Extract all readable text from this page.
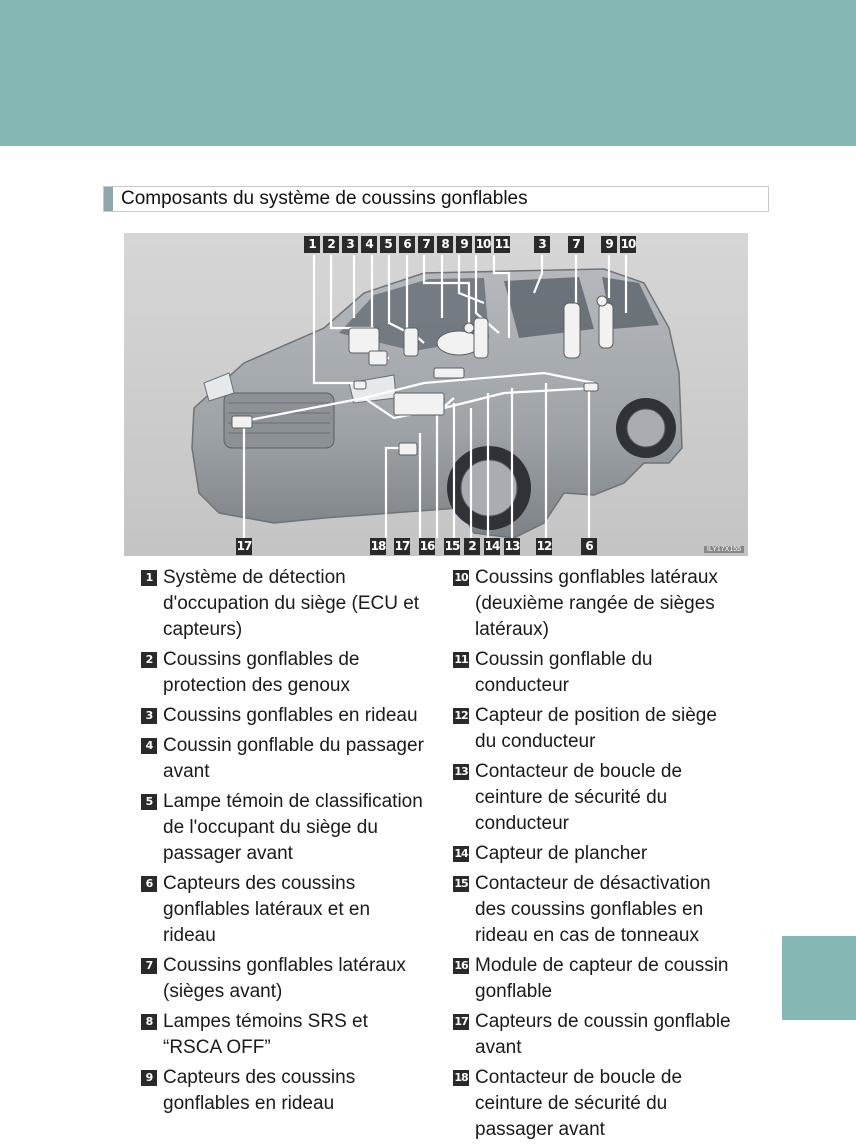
Composants du système de coussins gonflables
1 2 3 4 5 6 7 8 9 10 11	3	7	9 10
17	18 17 16 15 2 14 13 12	6	ILY17X155
1 Système de détection d'occupation du siège (ECU et capteurs)
2 Coussins gonflables de protection des genoux
3 Coussins gonflables en rideau
4 Coussin gonflable du passager avant
5 Lampe témoin de classification de l'occupant du siège du passager avant
6 Capteurs des coussins gonflables latéraux et en rideau
7 Coussins gonflables latéraux (sièges avant)
8 Lampes témoins SRS et “RSCA OFF”
9 Capteurs des coussins gonflables en rideau
10 Coussins gonflables latéraux (deuxième rangée de sièges latéraux)
11 Coussin gonflable du conducteur
12 Capteur de position de siège du conducteur
13 Contacteur de boucle de ceinture de sécurité du conducteur
14 Capteur de plancher
15 Contacteur de désactivation des coussins gonflables en rideau en cas de tonneaux
16 Module de capteur de coussin gonflable
17 Capteurs de coussin gonflable avant
18 Contacteur de boucle de ceinture de sécurité du passager avant
